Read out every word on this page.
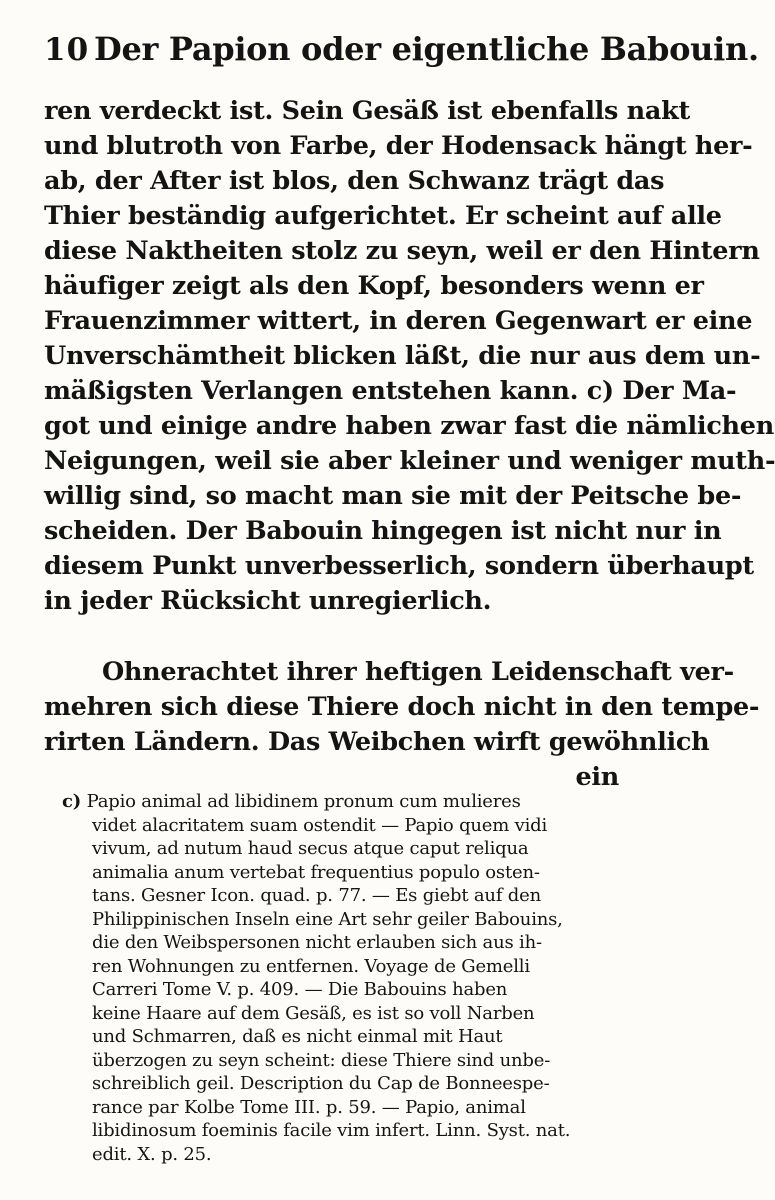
10 Der Papion oder eigentliche Babouin.
ren verdeckt ist. Sein Gesäß ist ebenfalls nakt
und blutroth von Farbe, der Hodensack hängt her-
ab, der After ist blos, den Schwanz trägt das
Thier beständig aufgerichtet. Er scheint auf alle
diese Naktheiten stolz zu seyn, weil er den Hintern
häufiger zeigt als den Kopf, besonders wenn er
Frauenzimmer wittert, in deren Gegenwart er eine
Unverschämtheit blicken läßt, die nur aus dem un-
mäßigsten Verlangen entstehen kann. c) Der Ma-
got und einige andre haben zwar fast die nämlichen
Neigungen, weil sie aber kleiner und weniger muth-
willig sind, so macht man sie mit der Peitsche be-
scheiden. Der Babouin hingegen ist nicht nur in
diesem Punkt unverbesserlich, sondern überhaupt
in jeder Rücksicht unregierlich.
Ohnerachtet ihrer heftigen Leidenschaft ver-
mehren sich diese Thiere doch nicht in den tempe-
rirten Ländern. Das Weibchen wirft gewöhnlich
ein
c) Papio animal ad libidinem pronum cum mulieres
videt alacritatem suam ostendit — Papio quem vidi
vivum, ad nutum haud secus atque caput reliqua
animalia anum vertebat frequentius populo osten-
tans. Gesner Icon. quad. p. 77. — Es giebt auf den
Philippinischen Inseln eine Art sehr geiler Babouins,
die den Weibspersonen nicht erlauben sich aus ih-
ren Wohnungen zu entfernen. Voyage de Gemelli
Carreri Tome V. p. 409. — Die Babouins haben
keine Haare auf dem Gesäß, es ist so voll Narben
und Schmarren, daß es nicht einmal mit Haut
überzogen zu seyn scheint: diese Thiere sind unbe-
schreiblich geil. Description du Cap de Bonneespe-
rance par Kolbe Tome III. p. 59. — Papio, animal
libidinosum foeminis facile vim infert. Linn. Syst. nat.
edit. X. p. 25.
